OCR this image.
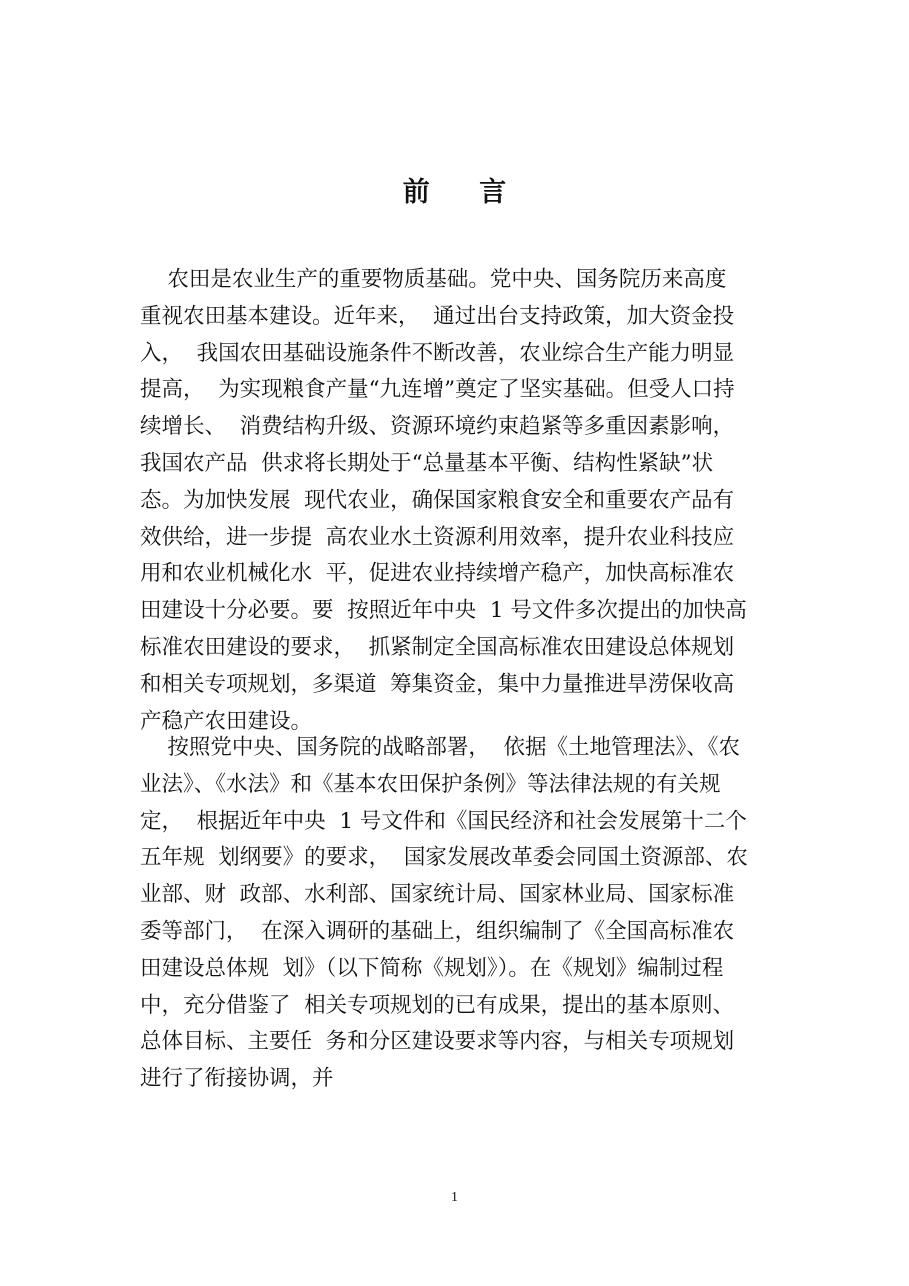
前 言
农田是农业生产的重要物质基础。党中央、国务院历来高度
重视农田基本建设。近年来，  通过出台支持政策，加大资金投
入，  我国农田基础设施条件不断改善，农业综合生产能力明显
提高，  为实现粮食产量“九连增”奠定了坚实基础。但受人口持
续增长、  消费结构升级、资源环境约束趋紧等多重因素影响，
我国农产品  供求将长期处于“总量基本平衡、结构性紧缺”状
态。为加快发展  现代农业，确保国家粮食安全和重要农产品有
效供给，进一步提  高农业水土资源利用效率，提升农业科技应
用和农业机械化水  平，促进农业持续增产稳产，加快高标准农
田建设十分必要。要  按照近年中央  1 号文件多次提出的加快高
标准农田建设的要求，  抓紧制定全国高标准农田建设总体规划
和相关专项规划，多渠道  筹集资金，集中力量推进旱涝保收高
产稳产农田建设。
按照党中央、国务院的战略部署，  依据《土地管理法》、《农
业法》、《水法》和《基本农田保护条例》等法律法规的有关规
定，  根据近年中央  1 号文件和《国民经济和社会发展第十二个
五年规  划纲要》的要求，  国家发展改革委会同国土资源部、农
业部、财  政部、水利部、国家统计局、国家林业局、国家标准
委等部门，  在深入调研的基础上，组织编制了《全国高标准农
田建设总体规  划》（以下简称《规划》）。在《规划》编制过程
中，充分借鉴了  相关专项规划的已有成果，提出的基本原则、
总体目标、主要任  务和分区建设要求等内容，与相关专项规划
进行了衔接协调，并
1
